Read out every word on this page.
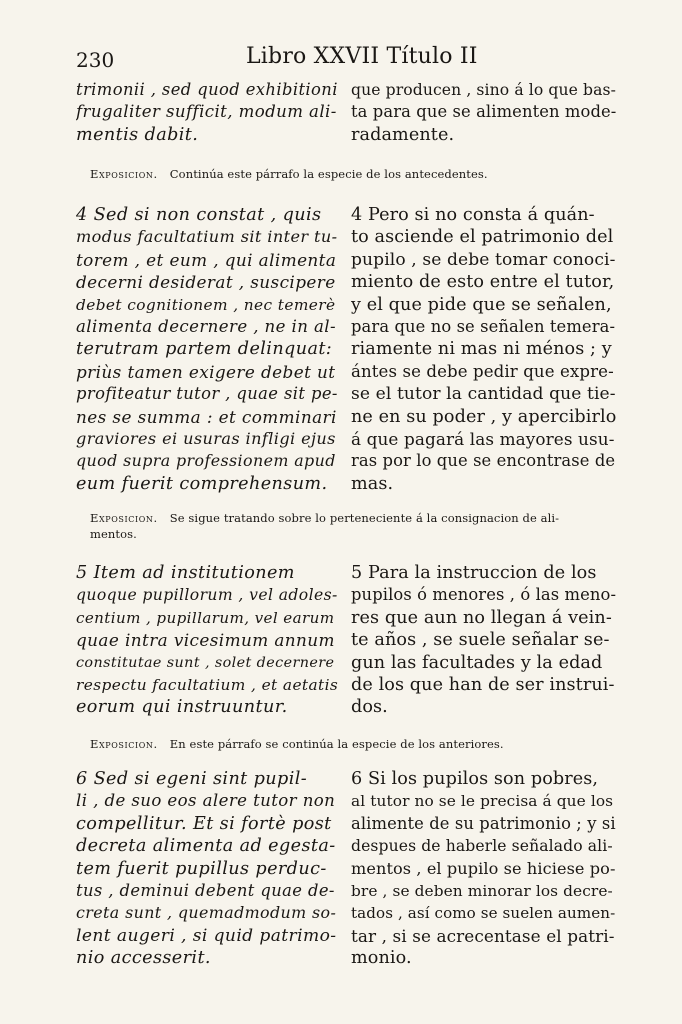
230	Libro XXVII Título II
trimonii , sed quod exhibitioni
frugaliter sufficit, modum ali-
mentis dabit.
que producen , sino á lo que bas-
ta para que se alimenten mode-
radamente.
Exposicion. Continúa este párrafo la especie de los antecedentes.
4 Sed si non constat , quis
modus facultatium sit inter tu-
torem , et eum , qui alimenta
decerni desiderat , suscipere
debet cognitionem , nec temerè
alimenta decernere , ne in al-
terutram partem delinquat:
priùs tamen exigere debet ut
profiteatur tutor , quae sit pe-
nes se summa : et comminari
graviores ei usuras infligi ejus
quod supra professionem apud
eum fuerit comprehensum.
4 Pero si no consta á quán-
to asciende el patrimonio del
pupilo , se debe tomar conoci-
miento de esto entre el tutor,
y el que pide que se señalen,
para que no se señalen temera-
riamente ni mas ni ménos ; y
ántes se debe pedir que expre-
se el tutor la cantidad que tie-
ne en su poder , y apercibirlo
á que pagará las mayores usu-
ras por lo que se encontrase de
mas.
Exposicion. Se sigue tratando sobre lo perteneciente á la consignacion de ali-
mentos.
5 Item ad institutionem
quoque pupillorum , vel adoles-
centium , pupillarum, vel earum
quae intra vicesimum annum
constitutae sunt , solet decernere
respectu facultatium , et aetatis
eorum qui instruuntur.
5 Para la instruccion de los
pupilos ó menores , ó las meno-
res que aun no llegan á vein-
te años , se suele señalar se-
gun las facultades y la edad
de los que han de ser instrui-
dos.
Exposicion. En este párrafo se continúa la especie de los anteriores.
6 Sed si egeni sint pupil-
li , de suo eos alere tutor non
compellitur. Et si fortè post
decreta alimenta ad egesta-
tem fuerit pupillus perduc-
tus , deminui debent quae de-
creta sunt , quemadmodum so-
lent augeri , si quid patrimo-
nio accesserit.
6 Si los pupilos son pobres,
al tutor no se le precisa á que los
alimente de su patrimonio ; y si
despues de haberle señalado ali-
mentos , el pupilo se hiciese po-
bre , se deben minorar los decre-
tados , así como se suelen aumen-
tar , si se acrecentase el patri-
monio.
